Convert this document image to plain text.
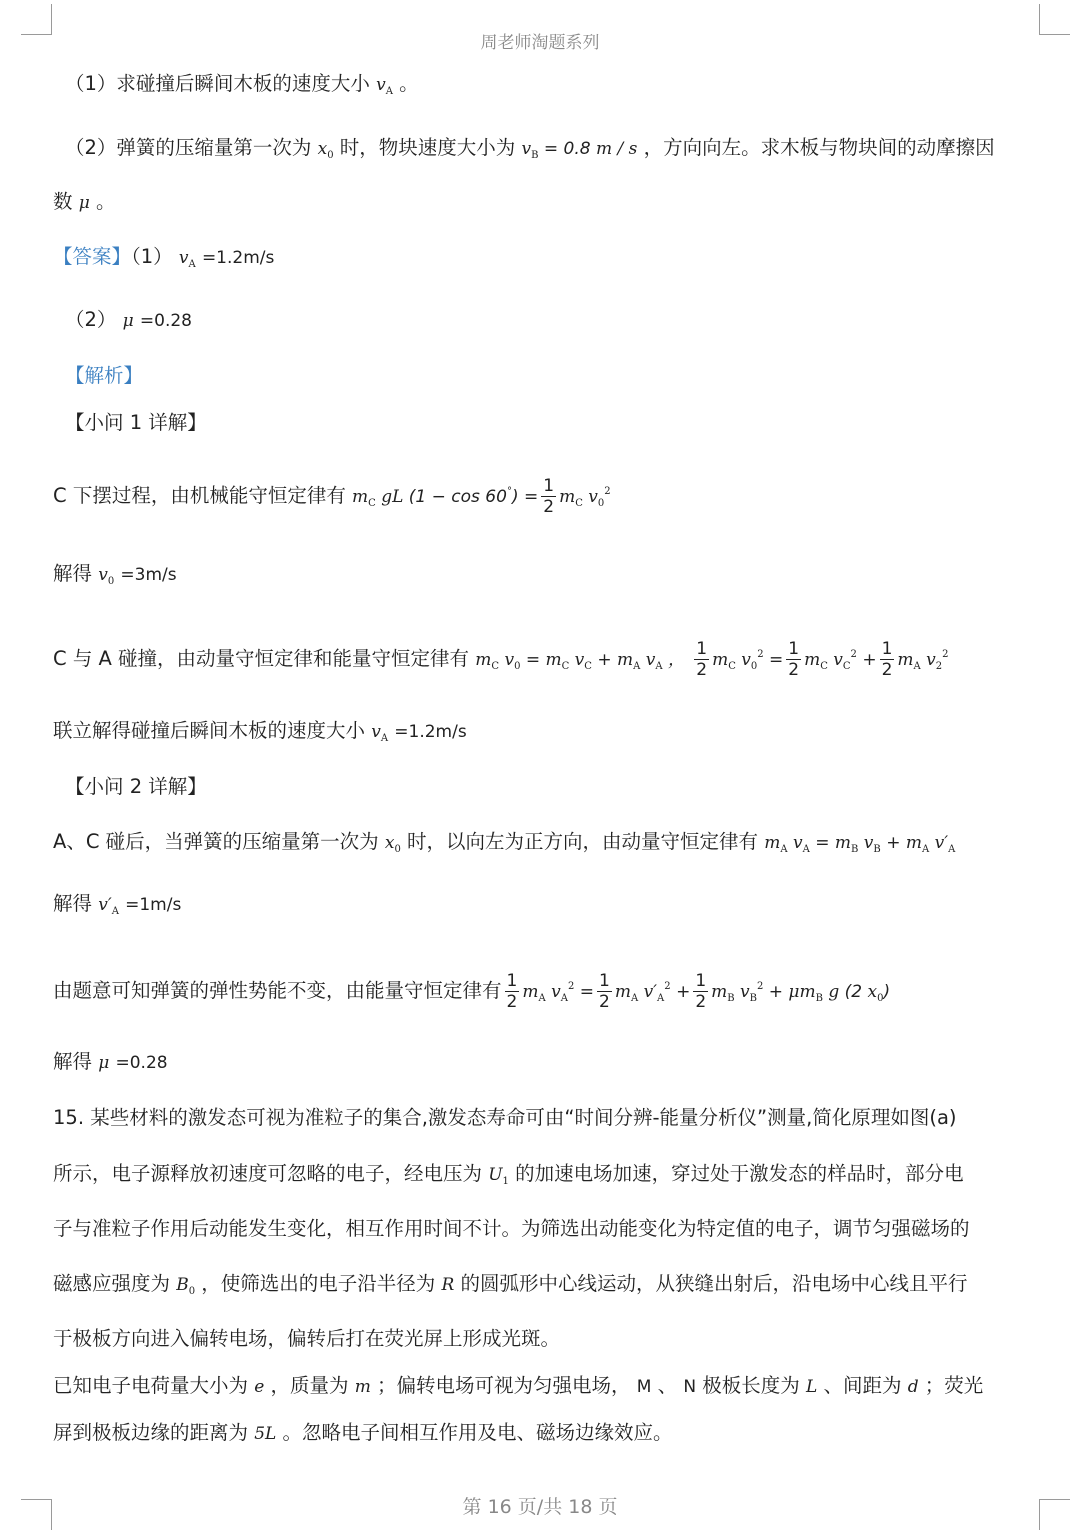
周老师淘题系列
（1）求碰撞后瞬间木板的速度大小 $v_A$ 。
（2）弹簧的压缩量第一次为 $x_0$ 时，物块速度大小为 $v_B = 0.8$ m / s ，方向向左。求木板与物块间的动摩擦因
数 μ 。
【答案】（1） $v_A =1.2m/s$
（2） μ =0.28
【解析】
【小问 1 详解】
C 下摆过程，由机械能守恒定律有 $m_C$ gL $(1 - \cos 60^\circ) = \frac{1}{2} m_C$ $v_0^2$
解得 $v_0 =3m/s$
C 与 A 碰撞，由动量守恒定律和能量守恒定律有 $m_C$ $v_0 = m_C$ $v_C + m_A$ $v_A$ ， $\frac{1}{2} m_C$ $v_0^2 = \frac{1}{2} m_C$ $v_C^2 + \frac{1}{2} m_A$ $v_2^2$
联立解得碰撞后瞬间木板的速度大小 $v_A =1.2m/s$
【小问 2 详解】
A、C 碰后，当弹簧的压缩量第一次为 $x_0$ 时，以向左为正方向，由动量守恒定律有 $m_A$ $v_A = m_B$ $v_B + m_A$ $v'_A$
解得 $v'_A =1m/s$
由题意可知弹簧的弹性势能不变，由能量守恒定律有 $\frac{1}{2} m_A$ $v_A^2 = \frac{1}{2} m_A$ $v'_A^2 + \frac{1}{2} m_B$ $v_B^2 + \mu m_B$ g (2 $x_0$)
解得 μ =0.28
15. 某些材料的激发态可视为准粒子的集合,激发态寿命可由“时间分辨-能量分析仪”测量,简化原理如图(a)
所示，电子源释放初速度可忽略的电子，经电压为 $U_1$ 的加速电场加速，穿过处于激发态的样品时，部分电
子与准粒子作用后动能发生变化，相互作用时间不计。为筛选出动能变化为特定值的电子，调节匀强磁场的
磁感应强度为 $B_0$ ，使筛选出的电子沿半径为 R 的圆弧形中心线运动，从狭缝出射后，沿电场中心线且平行
于极板方向进入偏转电场，偏转后打在荧光屏上形成光斑。
已知电子电荷量大小为 e ，质量为 m ；偏转电场可视为匀强电场， M 、 N 极板长度为 L 、间距为 d ；荧光
屏到极板边缘的距离为 5L 。忽略电子间相互作用及电、磁场边缘效应。
第 16 页/共 18 页
